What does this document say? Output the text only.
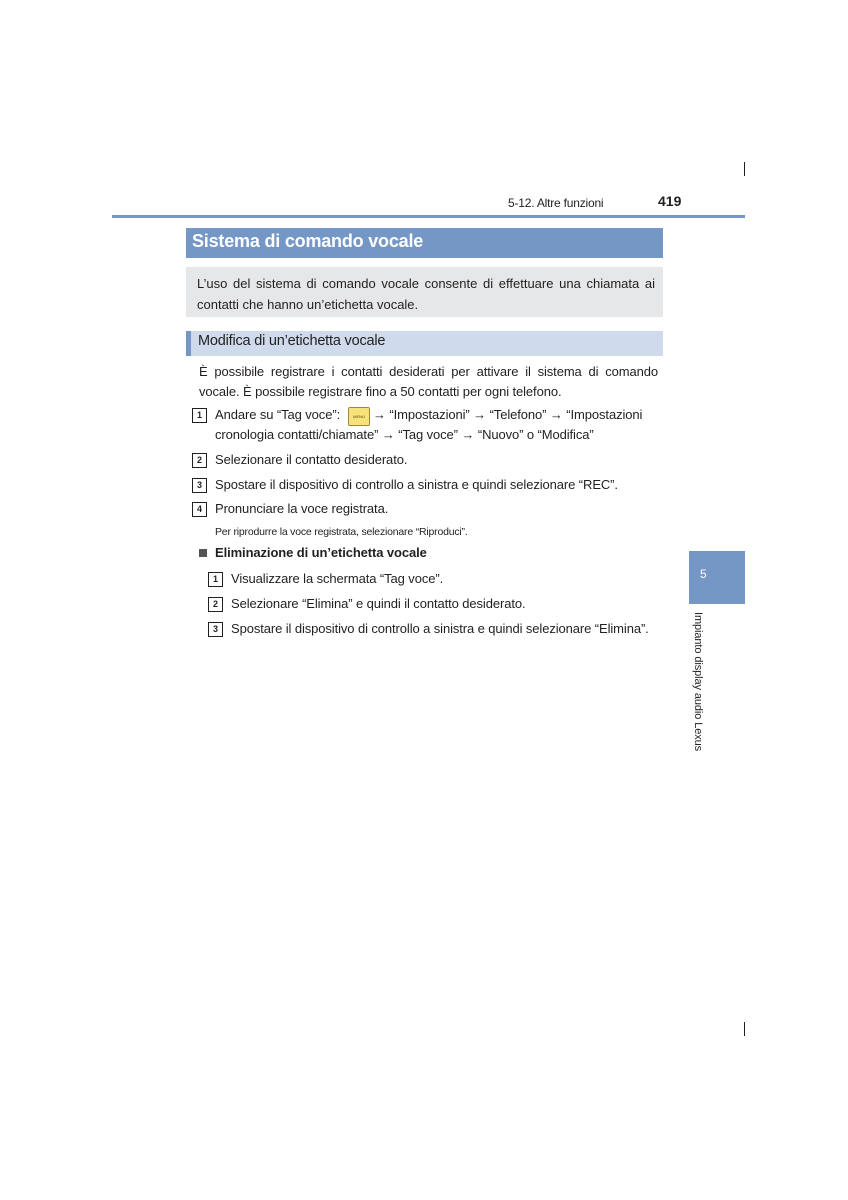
5-12. Altre funzioni	419
Sistema di comando vocale
L’uso del sistema di comando vocale consente di effettuare una chiamata ai contatti che hanno un’etichetta vocale.
Modifica di un’etichetta vocale
È possibile registrare i contatti desiderati per attivare il sistema di comando vocale. È possibile registrare fino a 50 contatti per ogni telefono.
1	Andare su “Tag voce”:	MENU → “Impostazioni” → “Telefono” → “Impostazioni
cronologia contatti/chiamate” → “Tag voce” → “Nuovo” o “Modifica”
2	Selezionare il contatto desiderato.
3	Spostare il dispositivo di controllo a sinistra e quindi selezionare “REC”.
4	Pronunciare la voce registrata.
Per riprodurre la voce registrata, selezionare “Riproduci”.
Eliminazione di un’etichetta vocale
1	Visualizzare la schermata “Tag voce”.
2	Selezionare “Elimina” e quindi il contatto desiderato.
3	Spostare il dispositivo di controllo a sinistra e quindi selezionare “Elimina”.
5
Impianto display audio Lexus
